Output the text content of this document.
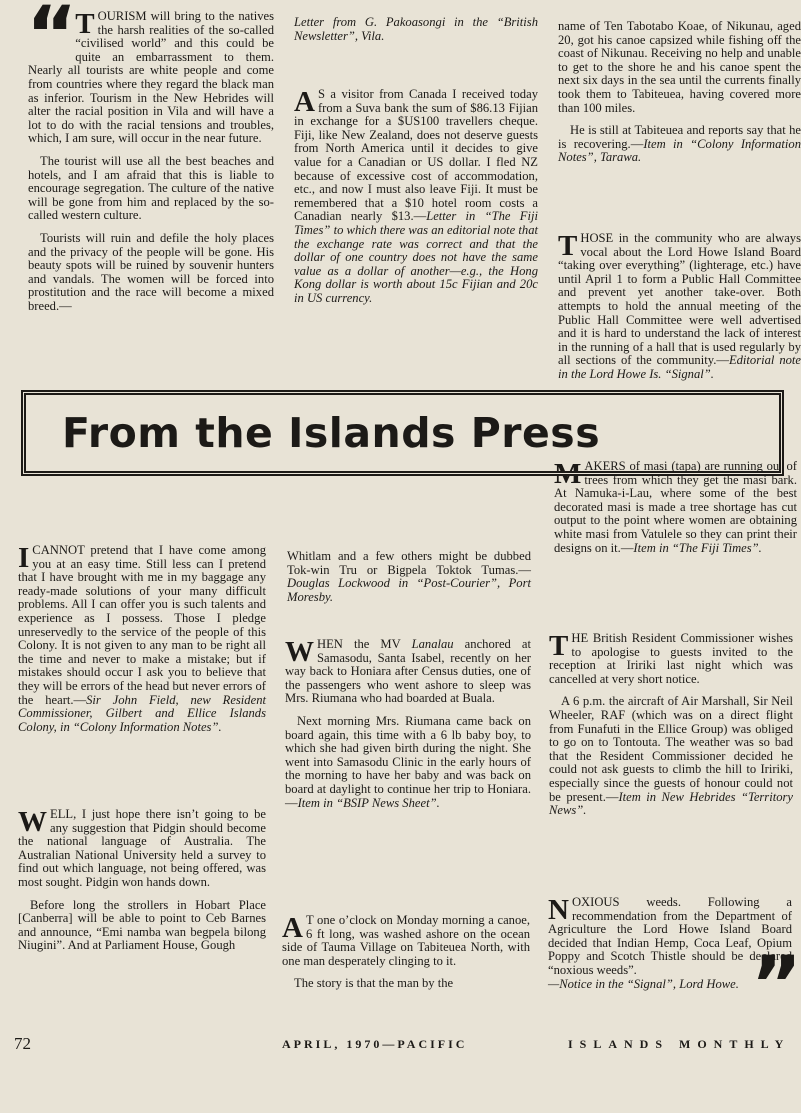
“ T OURISM will bring to the natives the harsh realities of the so-called “civilised world” and this could be quite an embarrassment to them. Nearly all tourists are white people and come from countries where they regard the black man as inferior. Tourism in the New Hebrides will alter the racial position in Vila and will have a lot to do with the racial tensions and troubles, which, I am sure, will occur in the near future.

The tourist will use all the best beaches and hotels, and I am afraid that this is liable to encourage segregation. The culture of the native will be gone from him and replaced by the so-called western culture.

Tourists will ruin and defile the holy places and the privacy of the people will be gone. His beauty spots will be ruined by souvenir hunters and vandals. The women will be forced into prostitution and the race will become a mixed breed.—

Letter from G. Pakoasongi in the “British Newsletter”, Vila.

A S a visitor from Canada I received today from a Suva bank the sum of $86.13 Fijian in exchange for a $US100 travellers cheque. Fiji, like New Zealand, does not deserve guests from North America until it decides to give value for a Canadian or US dollar. I fled NZ because of excessive cost of accommodation, etc., and now I must also leave Fiji. It must be remembered that a $10 hotel room costs a Canadian nearly $13.—Letter in “The Fiji Times” to which there was an editorial note that the exchange rate was correct and that the dollar of one country does not have the same value as a dollar of another—e.g., the Hong Kong dollar is worth about 15c Fijian and 20c in US currency.

name of Ten Tabotabo Koae, of Nikunau, aged 20, got his canoe capsized while fishing off the coast of Nikunau. Receiving no help and unable to get to the shore he and his canoe spent the next six days in the sea until the currents finally took them to Tabiteuea, having covered more than 100 miles.

He is still at Tabiteuea and reports say that he is recovering.—Item in “Colony Information Notes”, Tarawa.

THOSE in the community who are always vocal about the Lord Howe Island Board “taking over everything” (lighterage, etc.) have until April 1 to form a Public Hall Committee and prevent yet another take-over. Both attempts to hold the annual meeting of the Public Hall Committee were well advertised and it is hard to understand the lack of interest in the running of a hall that is used regularly by all sections of the community.—Editorial note in the Lord Howe Is. “Signal”.

MAKERS of masi (tapa) are running out of trees from which they get the masi bark. At Namuka-i-Lau, where some of the best decorated masi is made a tree shortage has cut output to the point where women are obtaining white masi from Vatulele so they can print their designs on it.—Item in “The Fiji Times”.

From the Islands Press

ICANNOT pretend that I have come among you at an easy time. Still less can I pretend that I have brought with me in my baggage any ready-made solutions of your many difficult problems. All I can offer you is such talents and experience as I possess. Those I pledge unreservedly to the service of the people of this Colony. It is not given to any man to be right all the time and never to make a mistake; but if mistakes should occur I ask you to believe that they will be errors of the head but never errors of the heart.—Sir John Field, new Resident Commissioner, Gilbert and Ellice Islands Colony, in “Colony Information Notes”.

WELL, I just hope there isn’t going to be any suggestion that Pidgin should become the national language of Australia. The Australian National University held a survey to find out which language, not being offered, was most sought. Pidgin won hands down.

Before long the strollers in Hobart Place [Canberra] will be able to point to Ceb Barnes and announce, “Emi namba wan begpela bilong Niugini”. And at Parliament House, Gough

Whitlam and a few others might be dubbed Tok-win Tru or Bigpela Toktok Tumas.—Douglas Lockwood in “Post-Courier”, Port Moresby.

WHEN the MV Lanalau anchored at Samasodu, Santa Isabel, recently on her way back to Honiara after Census duties, one of the passengers who went ashore to sleep was Mrs. Riumana who had boarded at Buala.

Next morning Mrs. Riumana came back on board again, this time with a 6 lb baby boy, to which she had given birth during the night. She went into Samasodu Clinic in the early hours of the morning to have her baby and was back on board at daylight to continue her trip to Honiara. —Item in “BSIP News Sheet”.

A T one o’clock on Monday morning a canoe, 6 ft long, was washed ashore on the ocean side of Tauma Village on Tabiteuea North, with one man desperately clinging to it.

The story is that the man by the

THE British Resident Commissioner wishes to apologise to guests invited to the reception at Iririki last night which was cancelled at very short notice.

A 6 p.m. the aircraft of Air Marshall, Sir Neil Wheeler, RAF (which was on a direct flight from Funafuti in the Ellice Group) was obliged to go on to Tontouta. The weather was so bad that the Resident Commissioner decided he could not ask guests to climb the hill to Iririki, especially since the guests of honour could not be present.—Item in New Hebrides “Territory News”.

NOXIOUS weeds. Following a recommendation from the Department of Agriculture the Lord Howe Island Board decided that Indian Hemp, Coca Leaf, Opium Poppy and Scotch Thistle should be declared “noxious weeds”. ”

—Notice in the “Signal”, Lord Howe.

72	APRIL, 1970—PACIFIC	ISLANDS MONTHLY
